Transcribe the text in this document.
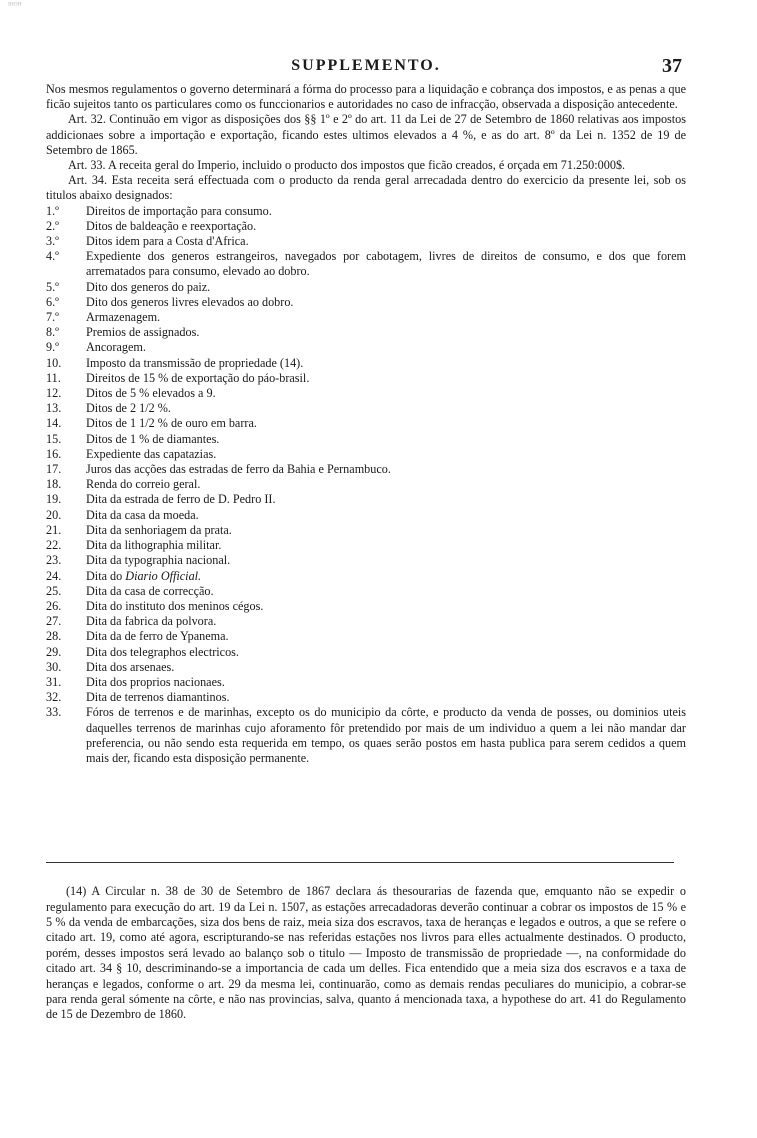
ᴵᴴᴼᴴ
SUPPLEMENTO.	37

Nos mesmos regulamentos o governo determinará a fórma do processo para a liquidação e cobrança dos impostos, e as penas a que ficão sujeitos tanto os particulares como os funccionarios e autoridades no caso de infracção, observada a disposição antecedente.

Art. 32. Continuão em vigor as disposições dos §§ 1º e 2º do art. 11 da Lei de 27 de Setembro de 1860 relativas aos impostos addicionaes sobre a importação e exportação, ficando estes ultimos elevados a 4 %, e as do art. 8º da Lei n. 1352 de 19 de Setembro de 1865.

Art. 33. A receita geral do Imperio, incluido o producto dos impostos que ficão creados, é orçada em 71.250:000$.

Art. 34. Esta receita será effectuada com o producto da renda geral arrecadada dentro do exercicio da presente lei, sob os titulos abaixo designados:

1.º	Direitos de importação para consumo.
2.º	Ditos de baldeação e reexportação.
3.º	Ditos idem para a Costa d'Africa.
4.º	Expediente dos generos estrangeiros, navegados por cabotagem, livres de direitos de consumo, e dos que forem arrematados para consumo, elevado ao dobro.
5.º	Dito dos generos do paiz.
6.º	Dito dos generos livres elevados ao dobro.
7.º	Armazenagem.
8.º	Premios de assignados.
9.º	Ancoragem.
10.	Imposto da transmissão de propriedade (14).
11.	Direitos de 15 % de exportação do páo-brasil.
12.	Ditos de 5 % elevados a 9.
13.	Ditos de 2 1/2 %.
14.	Ditos de 1 1/2 % de ouro em barra.
15.	Ditos de 1 % de diamantes.
16.	Expediente das capatazias.
17.	Juros das acções das estradas de ferro da Bahia e Pernambuco.
18.	Renda do correio geral.
19.	Dita da estrada de ferro de D. Pedro II.
20.	Dita da casa da moeda.
21.	Dita da senhoriagem da prata.
22.	Dita da lithographia militar.
23.	Dita da typographia nacional.
24.	Dita do Diario Official.
25.	Dita da casa de correcção.
26.	Dita do instituto dos meninos cégos.
27.	Dita da fabrica da polvora.
28.	Dita da de ferro de Ypanema.
29.	Dita dos telegraphos electricos.
30.	Dita dos arsenaes.
31.	Dita dos proprios nacionaes.
32.	Dita de terrenos diamantinos.
33.	Fóros de terrenos e de marinhas, excepto os do municipio da côrte, e producto da venda de posses, ou dominios uteis daquelles terrenos de marinhas cujo aforamento fôr pretendido por mais de um individuo a quem a lei não mandar dar preferencia, ou não sendo esta requerida em tempo, os quaes serão postos em hasta publica para serem cedidos a quem mais der, ficando esta disposição permanente.

(14) A Circular n. 38 de 30 de Setembro de 1867 declara ás thesourarias de fazenda que, emquanto não se expedir o regulamento para execução do art. 19 da Lei n. 1507, as estações arrecadadoras deverão continuar a cobrar os impostos de 15 % e 5 % da venda de embarcações, siza dos bens de raiz, meia siza dos escravos, taxa de heranças e legados e outros, a que se refere o citado art. 19, como até agora, escripturando-se nas referidas estações nos livros para elles actualmente destinados. O producto, porém, desses impostos será levado ao balanço sob o titulo — Imposto de transmissão de propriedade —, na conformidade do citado art. 34 § 10, descriminando-se a importancia de cada um delles. Fica entendido que a meia siza dos escravos e a taxa de heranças e legados, conforme o art. 29 da mesma lei, continuarão, como as demais rendas peculiares do municipio, a cobrar-se para renda geral sómente na côrte, e não nas provincias, salva, quanto á mencionada taxa, a hypothese do art. 41 do Regulamento de 15 de Dezembro de 1860.
